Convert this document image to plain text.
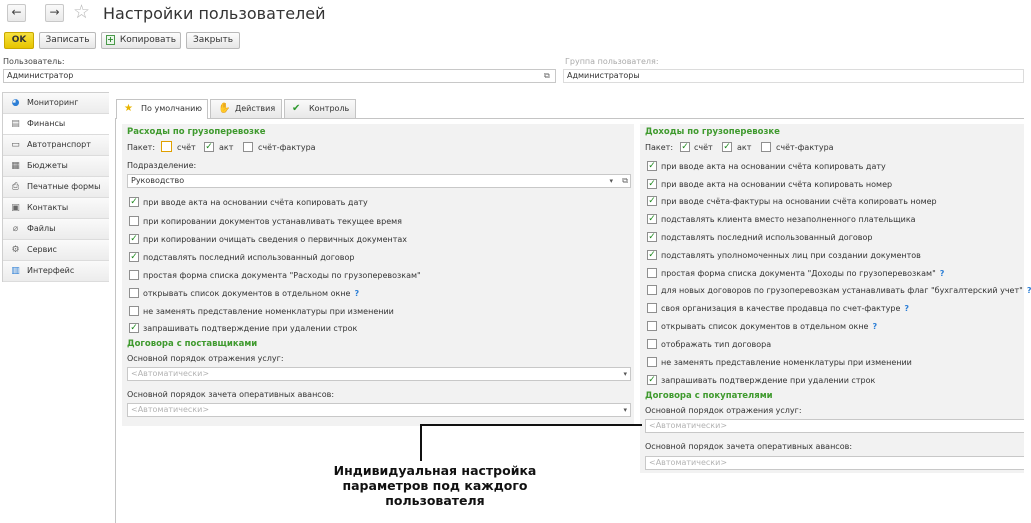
←	→ ☆ Настройки пользователей
OK	Записать	+ Копировать	Закрыть
Пользователь:
Администратор	⧉
Группа пользователя:
Администраторы
◕ Мониторинг
▤ Финансы
▭ Автотранспорт
▦ Бюджеты
⎙ Печатные формы
▣ Контакты
⌀	Файлы
⚙ Сервис
▥ Интерфейс
★ По умолчанию	✋ Действия	✔ Контроль
Расходы по грузоперевозке
Пакет:	счёт ✓ акт	счёт-фактура
Подразделение:
Руководство	▾ ⧉
✓ при вводе акта на основании счёта копировать дату
при копировании документов устанавливать текущее время
✓ при копировании очищать сведения о первичных документах
✓ подставлять последний использованный договор
простая форма списка документа "Расходы по грузоперевозкам"
открывать список документов в отдельном окне ?
не заменять представление номенклатуры при изменении
✓ запрашивать подтверждение при удалении строк
Договора с поставщиками
Основной порядок отражения услуг:
<Автоматически>	▾
Основной порядок зачета оперативных авансов:
<Автоматически>	▾
Доходы по грузоперевозке
Пакет: ✓ счёт ✓ акт	счёт-фактура
✓ при вводе акта на основании счёта копировать дату
✓ при вводе акта на основании счёта копировать номер
✓ при вводе счёта-фактуры на основании счёта копировать номер
✓ подставлять клиента вместо незаполненного плательщика
✓ подставлять последний использованный договор
✓ подставлять уполномоченных лиц при создании документов
простая форма списка документа "Доходы по грузоперевозкам" ?
для новых договоров по грузоперевозкам устанавливать флаг "бухгалтерский учет" ?
своя организация в качестве продавца по счет-фактуре ?
открывать список документов в отдельном окне ?
отображать тип договора
не заменять представление номенклатуры при изменении
✓ запрашивать подтверждение при удалении строк
Договора с покупателями
Основной порядок отражения услуг:
<Автоматически>
Основной порядок зачета оперативных авансов:
<Автоматически>
Индивидуальная настройка
параметров под каждого
пользователя
